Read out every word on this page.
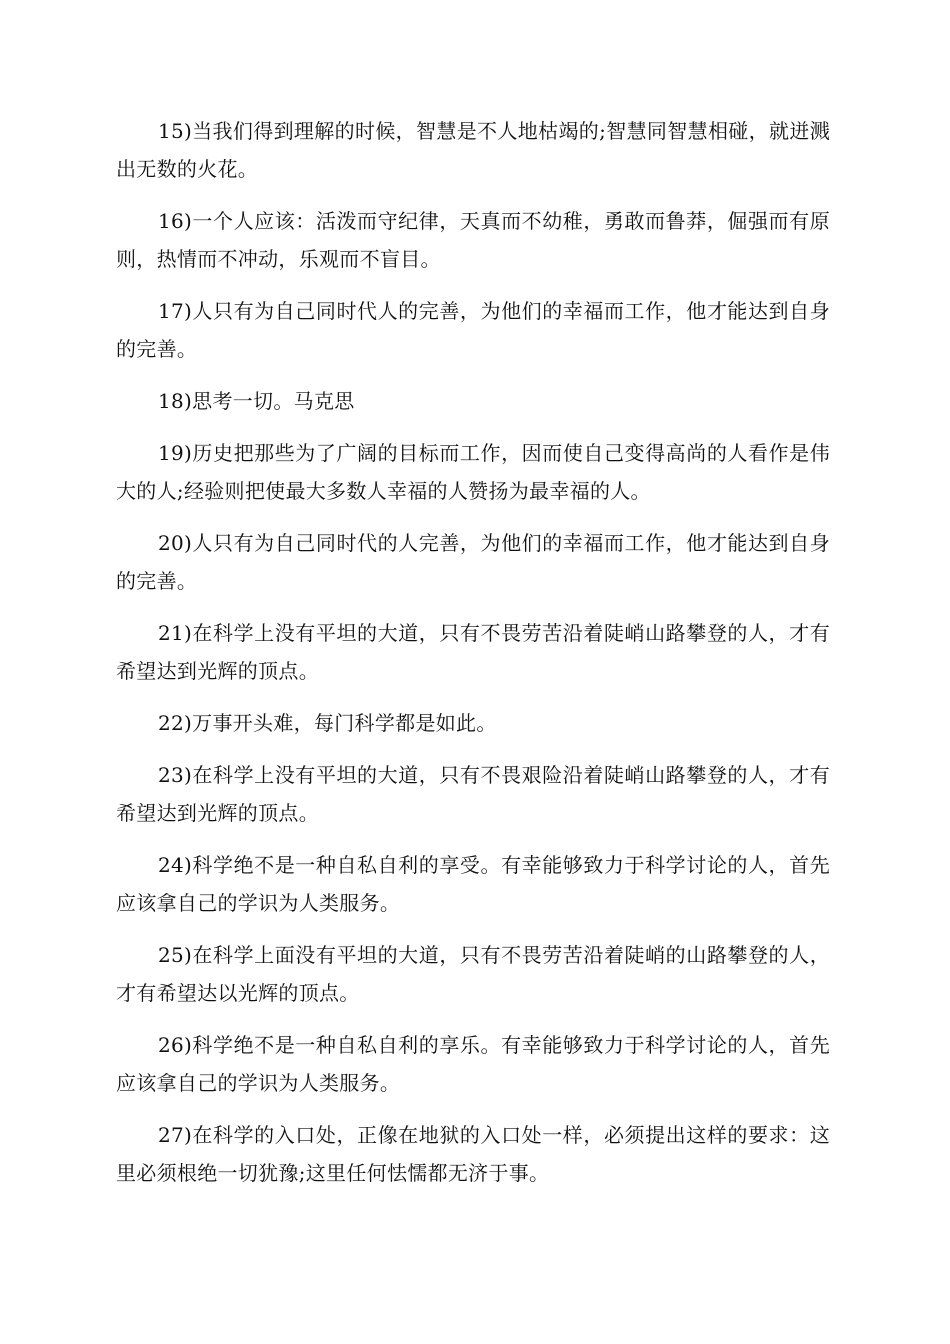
15)当我们得到理解的时候，智慧是不人地枯竭的;智慧同智慧相碰，就迸溅出无数的火花。

16)一个人应该：活泼而守纪律，天真而不幼稚，勇敢而鲁莽，倔强而有原则，热情而不冲动，乐观而不盲目。

17)人只有为自己同时代人的完善，为他们的幸福而工作，他才能达到自身的完善。

18)思考一切。马克思

19)历史把那些为了广阔的目标而工作，因而使自己变得高尚的人看作是伟大的人;经验则把使最大多数人幸福的人赞扬为最幸福的人。

20)人只有为自己同时代的人完善，为他们的幸福而工作，他才能达到自身的完善。

21)在科学上没有平坦的大道，只有不畏劳苦沿着陡峭山路攀登的人，才有希望达到光辉的顶点。

22)万事开头难，每门科学都是如此。

23)在科学上没有平坦的大道，只有不畏艰险沿着陡峭山路攀登的人，才有希望达到光辉的顶点。

24)科学绝不是一种自私自利的享受。有幸能够致力于科学讨论的人，首先应该拿自己的学识为人类服务。

25)在科学上面没有平坦的大道，只有不畏劳苦沿着陡峭的山路攀登的人，才有希望达以光辉的顶点。

26)科学绝不是一种自私自利的享乐。有幸能够致力于科学讨论的人，首先应该拿自己的学识为人类服务。

27)在科学的入口处，正像在地狱的入口处一样，必须提出这样的要求：这里必须根绝一切犹豫;这里任何怯懦都无济于事。
